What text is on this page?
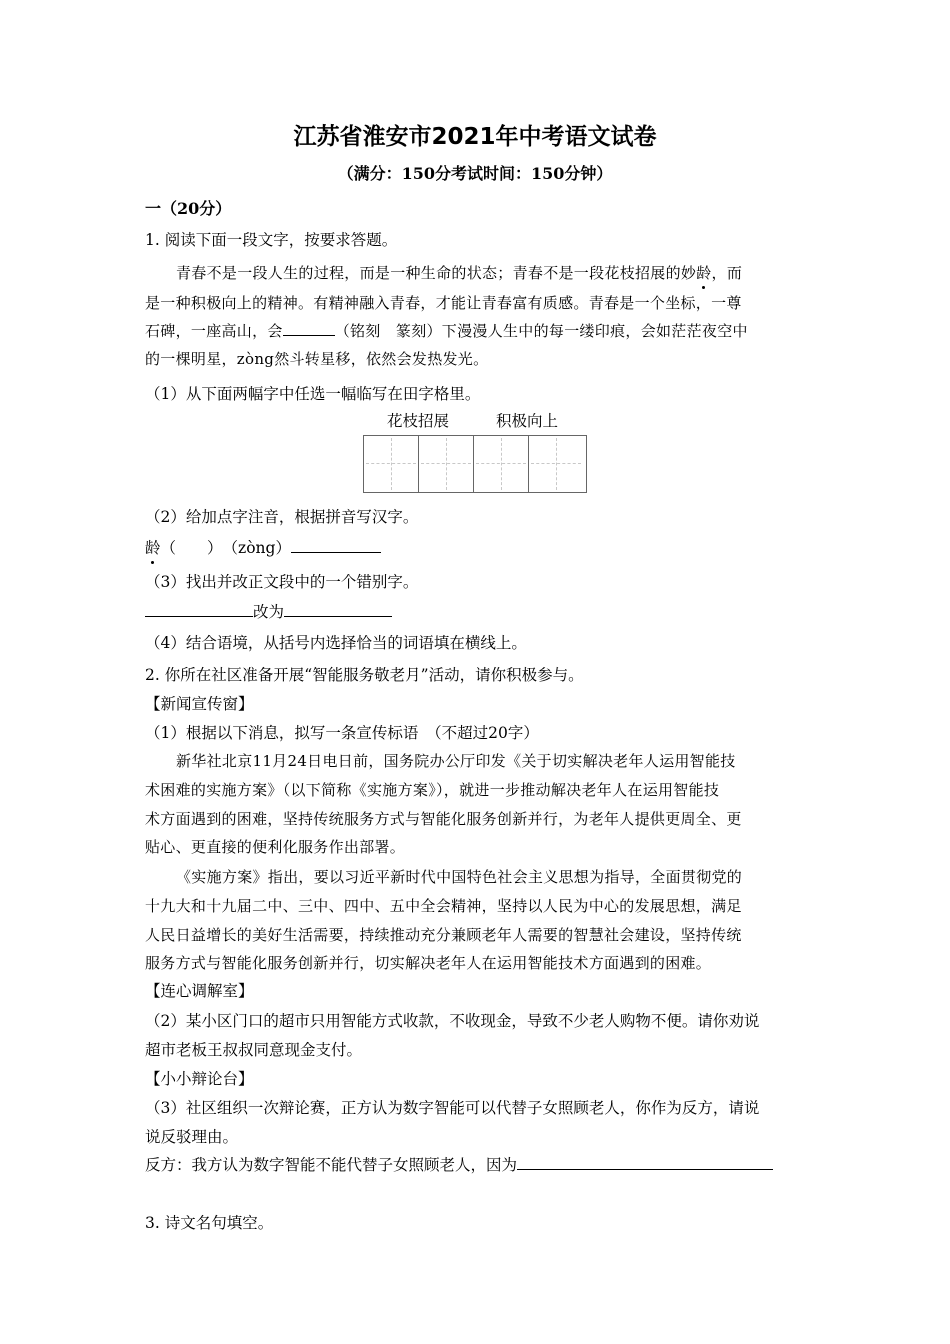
江苏省淮安市2021年中考语文试卷
（满分：150分考试时间：150分钟）
一（20分）
1. 阅读下面一段文字，按要求答题。
青春不是一段人生的过程，而是一种生命的状态；青春不是一段花枝招展的妙龄，而
是一种积极向上的精神。有精神融入青春，才能让青春富有质感。青春是一个坐标，一尊
石碑，一座高山，会	（铭刻　篆刻）下漫漫人生中的每一缕印痕，会如茫茫夜空中
的一棵明星，zòng然斗转星移，依然会发热发光。
（1）从下面两幅字中任选一幅临写在田字格里。
花枝招展	积极向上
（2）给加点字注音，根据拼音写汉字。
龄（　　）　 （zòng）
（3）找出并改正文段中的一个错别字。
改为
（4）结合语境，从括号内选择恰当的词语填在横线上。
2. 你所在社区准备开展“智能服务敬老月”活动，请你积极参与。
【新闻宣传窗】
（1）根据以下消息，拟写一条宣传标语　（不超过20字）
新华社北京11月24日电日前，国务院办公厅印发《关于切实解决老年人运用智能技
术困难的实施方案》（以下简称《实施方案》），就进一步推动解决老年人在运用智能技
术方面遇到的困难，坚持传统服务方式与智能化服务创新并行，为老年人提供更周全、更
贴心、更直接的便利化服务作出部署。
《实施方案》指出，要以习近平新时代中国特色社会主义思想为指导，全面贯彻党的
十九大和十九届二中、三中、四中、五中全会精神，坚持以人民为中心的发展思想，满足
人民日益增长的美好生活需要，持续推动充分兼顾老年人需要的智慧社会建设，坚持传统
服务方式与智能化服务创新并行，切实解决老年人在运用智能技术方面遇到的困难。
【连心调解室】
（2）某小区门口的超市只用智能方式收款，不收现金，导致不少老人购物不便。请你劝说
超市老板王叔叔同意现金支付。
【小小辩论台】
（3）社区组织一次辩论赛，正方认为数字智能可以代替子女照顾老人，你作为反方，请说
说反驳理由。
反方：我方认为数字智能不能代替子女照顾老人，因为
3. 诗文名句填空。
